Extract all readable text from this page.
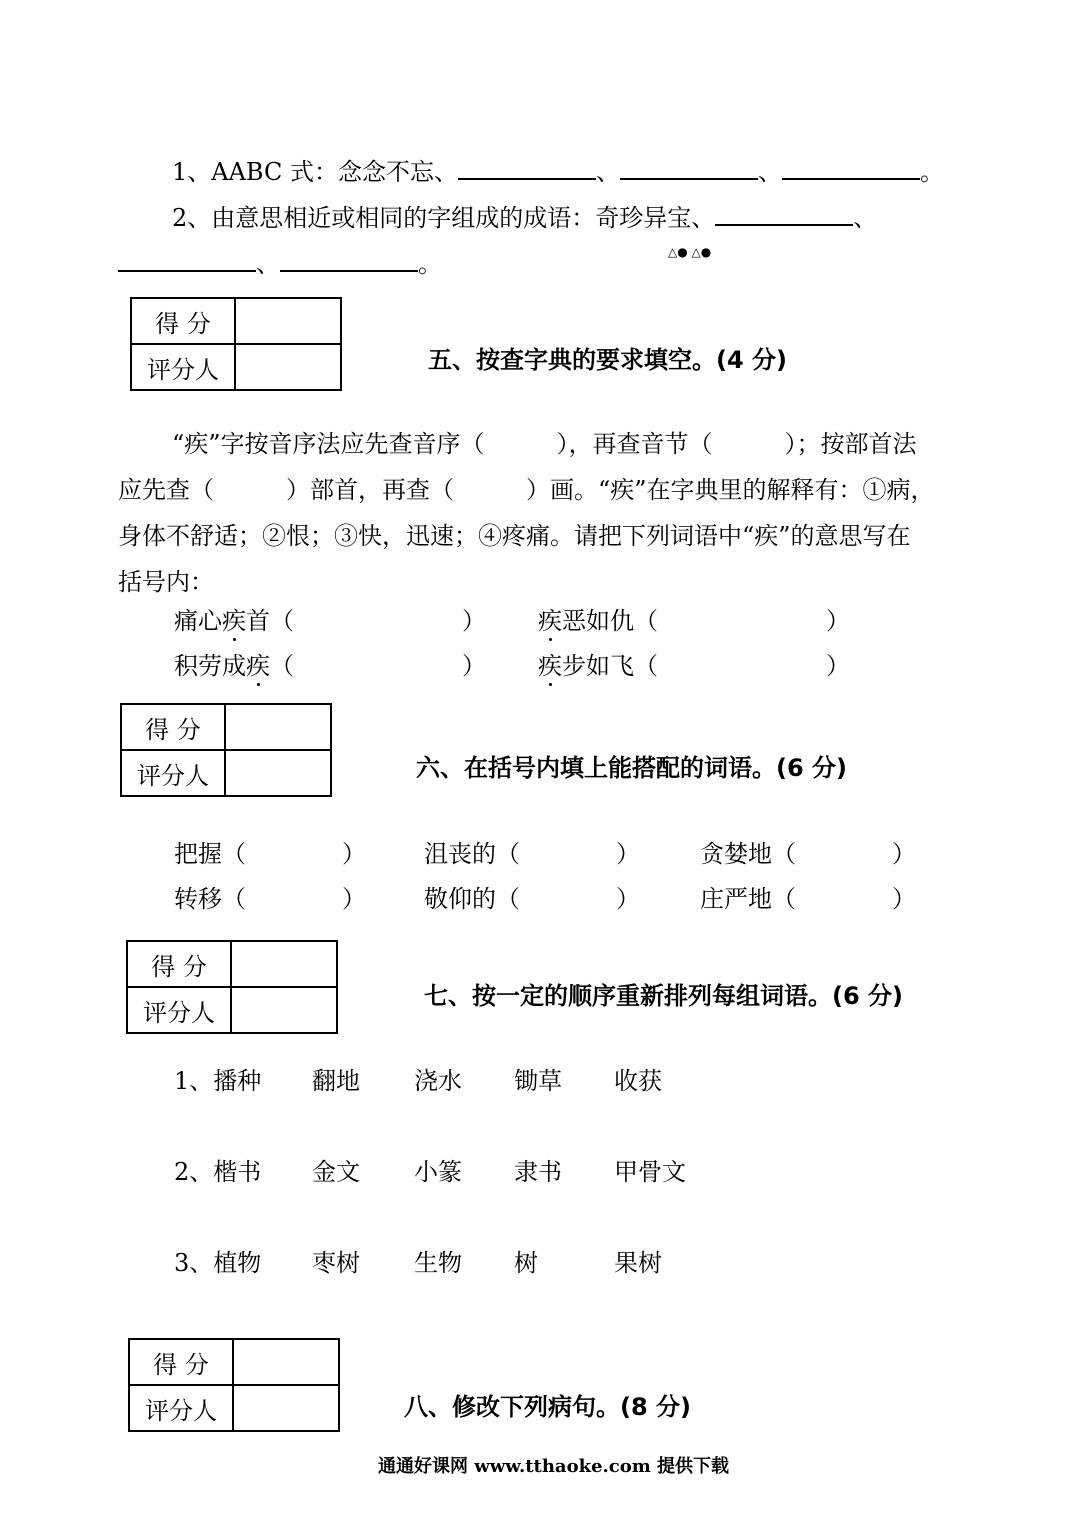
1、AABC 式：念念不忘、	、	、	。
2、由意思相近或相同的字组成的成语：奇珍异宝、	、
、	。	△● △●
得 分	
评分人		五、按查字典的要求填空。(4 分)
“疾”字按音序法应先查音序（　　　），再查音节（　　　）；按部首法
应先查（　　　）部首，再查（　　　）画。“疾”在字典里的解释有：①病，
身体不舒适；②恨；③快，迅速；④疼痛。请把下列词语中“疾”的意思写在
括号内：
痛心疾首（　　　　　　　） 疾恶如仇（　　　　　　　）
积劳成疾（　　　　　　　） 疾步如飞（　　　　　　　）
得 分	
评分人		六、在括号内填上能搭配的词语。(6 分)
把握（　　　　） 沮丧的（　　　　）	贪婪地（　　　　）
转移（　　　　） 敬仰的（　　　　）	庄严地（　　　　）
得 分	
评分人	
七、按一定的顺序重新排列每组词语。(6 分)
1、播种 翻地 浇水 锄草 收获
2、楷书 金文 小篆 隶书 甲骨文
3、植物 枣树 生物 树	果树
得 分	
评分人		八、修改下列病句。(8 分)
通通好课网 www.tthaoke.com 提供下载
